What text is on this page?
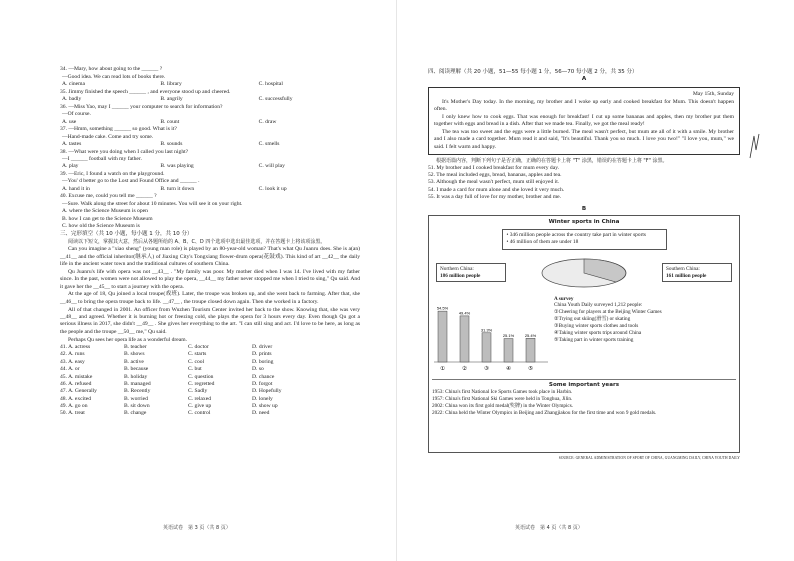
34. —Mary, how about going to the ______ ?
—Good idea. We can read lots of books there.
A. cinema	B. library	C. hospital
35. Jimmy finished the speech ______ , and everyone stood up and cheered.
A. badly	B. angrily	C. successfully
36. —Miss Yao, may I ______ your computer to search for information?
—Of course.
A. use	B. count	C. draw
37. —Hmm, something ______ so good. What is it?
—Hand-made cake. Come and try some.
A. tastes	B. sounds	C. smells
38. —What were you doing when I called you last night?
—I ______ football with my father.
A. play	B. was playing	C. will play
39. —Eric, I found a watch on the playground.
—You' d better go to the Lost and Found Office and ______ .
A. hand it in	B. turn it down	C. look it up
40. Excuse me, could you tell me ______ ?
—Sure. Walk along the street for about 10 minutes. You will see it on your right.
A. where the Science Museum is open
B. how I can get to the Science Museum
C. how old the Science Museum is
三、完形填空（共 10 小题，每小题 1 分，共 10 分）
阅读以下短文，掌握其大意，然后从各题所给的 A、B、C、D 四个选项中选出最佳选项，并在答题卡上将该项涂黑。
Can you imagine a "xiao sheng" (young man role) is played by an 80-year-old woman? That's what Qu Juanru does. She is a(an) __41__ and the official inheritor(继承人) of Jiaxing City's Tongxiang flower-drum opera(花鼓戏). This kind of art __42__ the daily life in the ancient water town and the traditional cultures of southern China.
Qu Juanru's life with opera was not __43__ . "My family was poor. My mother died when I was 14. I've lived with my father since. In the past, women were not allowed to play the opera, __44__ my father never stopped me when I tried to sing," Qu said. And it gave her the __45__ to start a journey with the opera.
At the age of 18, Qu joined a local troupe(戏班). Later, the troupe was broken up, and she went back to farming. After that, she __46__ to bring the opera troupe back to life. __47__ , the troupe closed down again. Then she worked in a factory.
All of that changed in 2001. An officer from Wuzhen Tourism Center invited her back to the show. Knowing that, she was very __48__ and agreed. Whether it is burning hot or freezing cold, she plays the opera for 3 hours every day. Even though Qu got a serious illness in 2017, she didn't __49__ . She gives her everything to the art. "I can still sing and act. I'd love to be here, as long as the people and the troupe __50__ me," Qu said.
Perhaps Qu sees her opera life as a wonderful dream.
41. A. actress	B. teacher	C. doctor	D. driver
42. A. runs	B. shows	C. starts	D. prints
43. A. easy	B. active	C. cool	D. boring
44. A. or	B. because	C. but	D. so
45. A. mistake	B. holiday	C. question	D. chance
46. A. refused	B. managed	C. regretted	D. forgot
47. A. Generally	B. Recently	C. Sadly	D. Hopefully
48. A. excited	B. worried	C. relaxed	D. lonely
49. A. go on	B. sit down	C. give up	D. show up
50. A. treat	B. change	C. control	D. need
英语试卷　第 3 页（共 8 页）
四、阅读理解（共 20 小题，51—55 每小题 1 分，56—70 每小题 2 分，共 35 分）
A
May 15th, Sunday
It's Mother's Day today. In the morning, my brother and I woke up early and cooked breakfast for Mum. This doesn't happen often.
I only knew how to cook eggs. That was enough for breakfast! I cut up some bananas and apples, then my brother put them together with eggs and bread in a dish. After that we made tea. Finally, we got the meal ready!
The tea was too sweet and the eggs were a little burned. The meal wasn't perfect, but mum ate all of it with a smile. My brother and I also made a card together. Mum read it and said, "It's beautiful. Thank you so much. I love you two!" "I love you, mum," we said. I felt warm and happy.
根据语篇内容，判断下列句子是否正确，正确的在答题卡上将 "T" 涂黑，错误的在答题卡上将 "F" 涂黑。
51. My brother and I cooked breakfast for mum every day.
52. The meal included eggs, bread, bananas, apples and tea.
53. Although the meal wasn't perfect, mum still enjoyed it.
54. I made a card for mum alone and she loved it very much.
55. It was a day full of love for my mother, brother and me.
B
Winter sports in China
• 346 million people across the country take part in winter sports
• 46 million of them are under 18
Northern China:
186 million people
Southern China:
161 million people
54.5%
①
49.4%
②
31.3%
③
25.1%
④
25.4%
⑤
A survey
China Youth Daily surveyed 1,212 people:
①Cheering for players at the Beijing Winter Games
②Trying out skiing(滑雪) or skating
③Buying winter sports clothes and tools
④Taking winter sports trips around China
⑤Taking part in winter sports training
Some important years
1953: China's first National Ice Sports Games took place in Harbin.
1957: China's first National Ski Games were held in Tonghua, Jilin.
2002: China won its first gold medal(奖牌) in the Winter Olympics.
2022: China held the Winter Olympics in Beijing and Zhangjiakou for the first time and won 9 gold medals.
SOURCE: GENERAL ADMINISTRATION OF SPORT OF CHINA, GUANGMING DAILY, CHINA YOUTH DAILY
英语试卷　第 4 页（共 8 页）
